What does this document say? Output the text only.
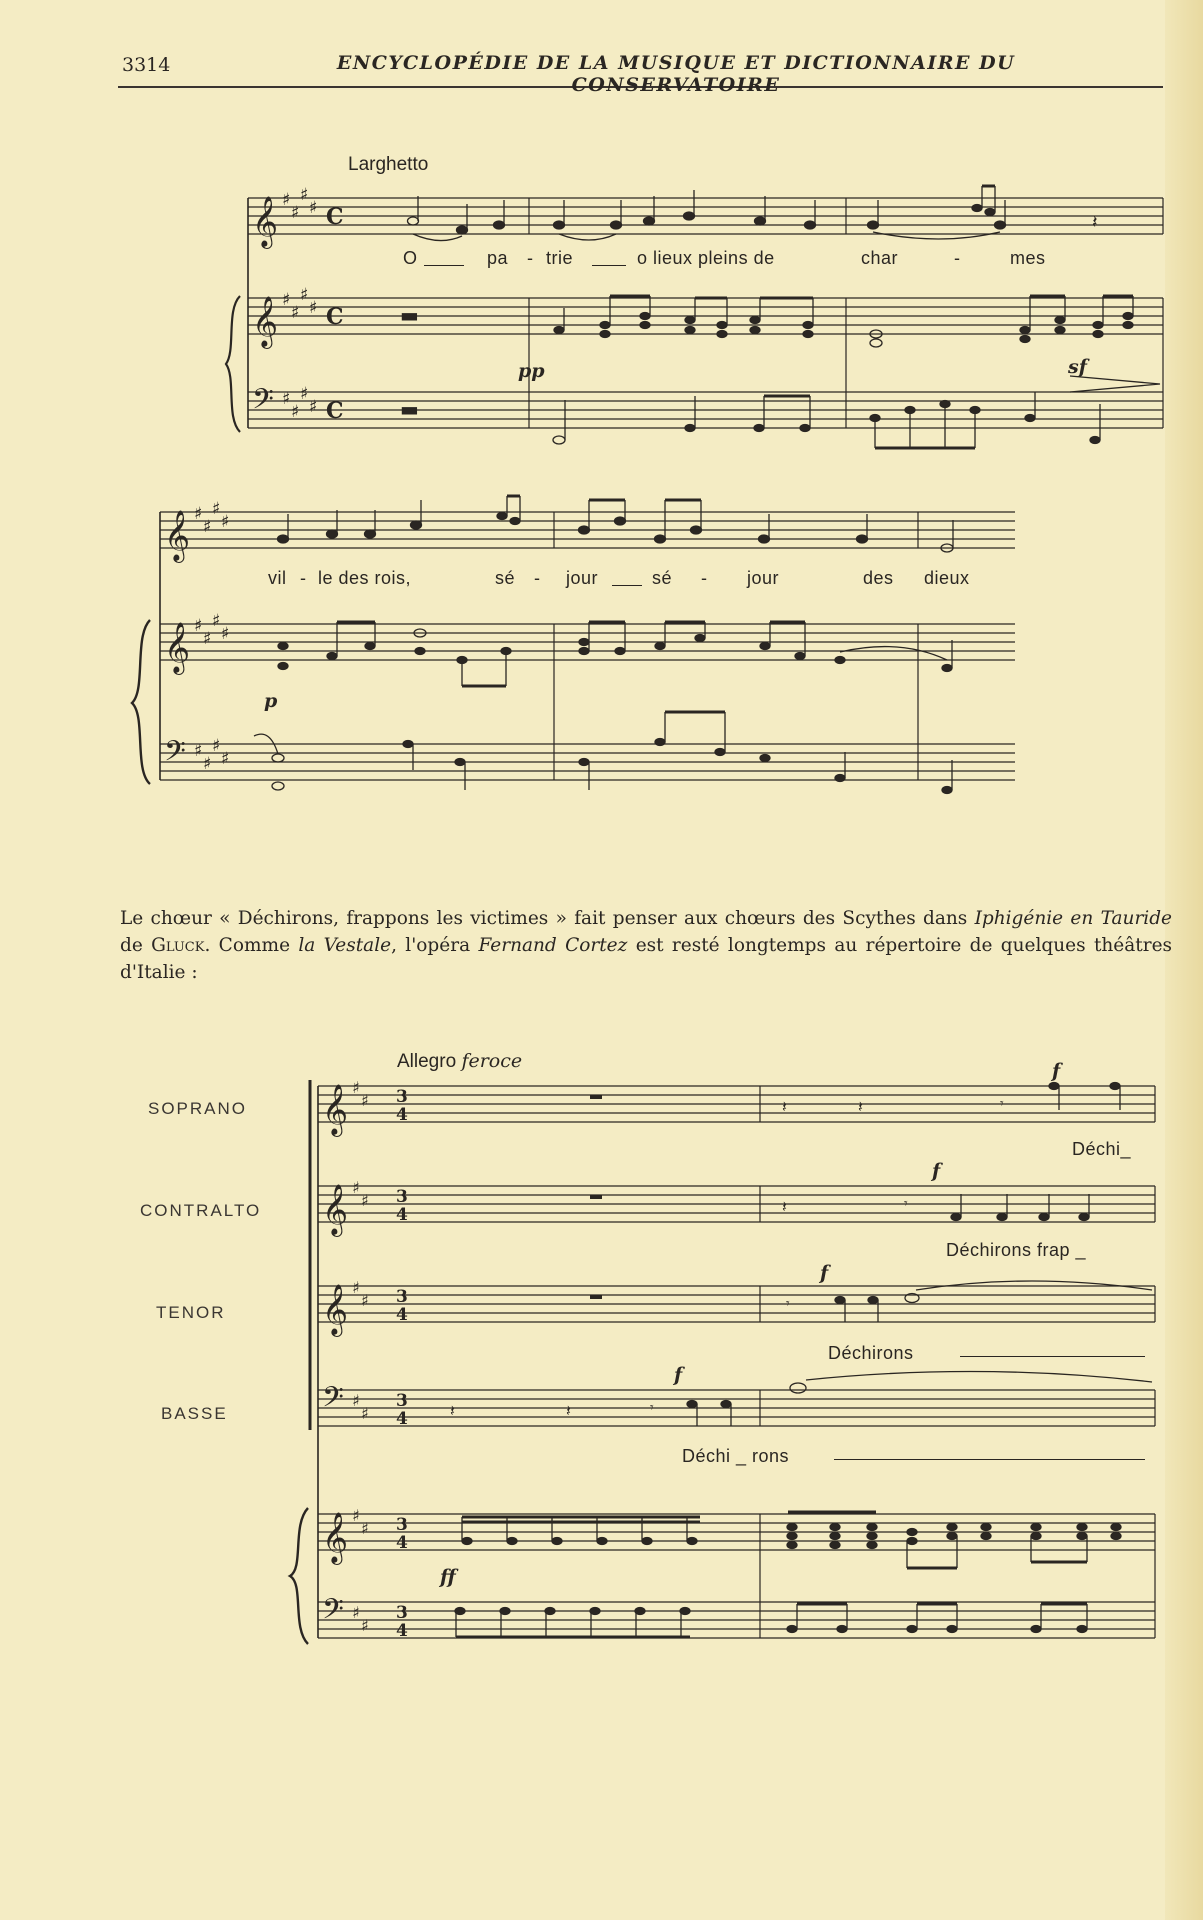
3314	ENCYCLOPÉDIE DE LA MUSIQUE ET DICTIONNAIRE DU CONSERVATOIRE
Larghetto
𝄞
𝄞
𝄢
𝄞
𝄞
𝄢
♯
♯
♯
♯
♯
♯
♯
♯
♯
♯
♯
♯
♯
♯
♯
♯
♯
♯
♯
♯
♯
♯
♯
♯
C
C
C
𝄽
▬
▬
O	pa - trie	o lieux pleins de	char	-	mes
vil - le des rois,	sé - jour	sé - jour	des dieux
pp	sf
p
Le chœur « Déchirons, frappons les victimes » fait penser aux chœurs des Scythes dans Iphigénie en Tauride de Gluck. Comme la Vestale, l'opéra Fernand Cortez est resté longtemps au répertoire de quelques théâtres d'Italie :
Allegro feroce
SOPRANO
CONTRALTO
TENOR
BASSE
𝄞
𝄞
𝄞
𝄢
𝄞
𝄢
♯
♯
♯
♯
♯
♯
♯
♯
♯
♯
♯
♯
3
4
3
4
3
4
3
4
3
4
3
4
𝄽	𝄽	𝄾
𝄽	𝄾
𝄾
𝄽	𝄽	𝄾
f
f
f
f
ff
Déchi_
Déchirons frap _
Déchirons
Déchi _ rons
